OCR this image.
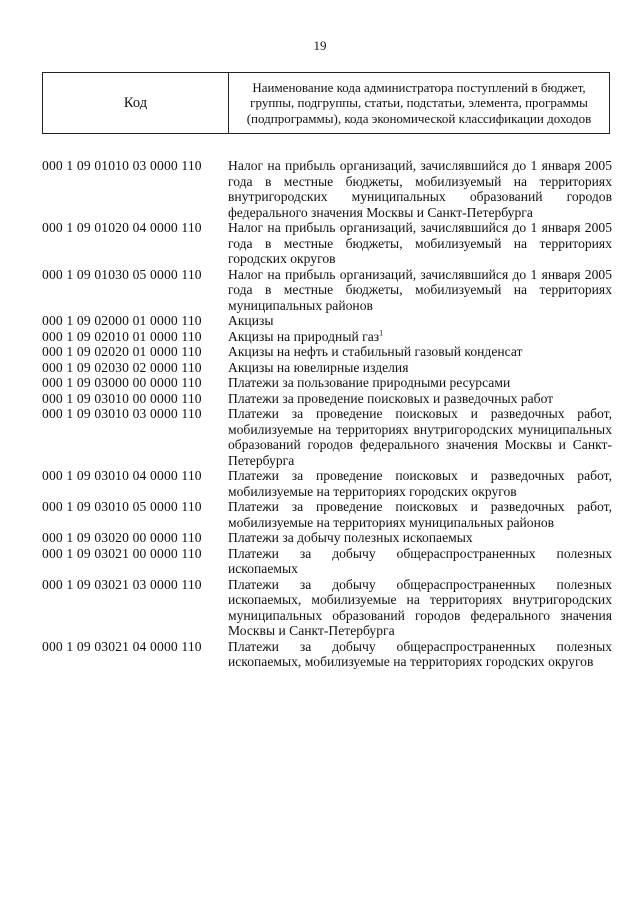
19
Код	Наименование кода администратора поступлений в бюджет, группы, подгруппы, статьи, подстатьи, элемента, программы (подпрограммы), кода экономической классификации доходов
000 1 09 01010 03 0000 110	Налог на прибыль организаций, зачислявшийся до 1 января 2005 года в местные бюджеты, мобилизуемый на территориях внутригородских муниципальных образований городов федерального значения Москвы и Санкт-Петербурга
000 1 09 01020 04 0000 110	Налог на прибыль организаций, зачислявшийся до 1 января 2005 года в местные бюджеты, мобилизуемый на территориях городских округов
000 1 09 01030 05 0000 110	Налог на прибыль организаций, зачислявшийся до 1 января 2005 года в местные бюджеты, мобилизуемый на территориях муниципальных районов
000 1 09 02000 01 0000 110	Акцизы
000 1 09 02010 01 0000 110	Акцизы на природный газ$^1$
000 1 09 02020 01 0000 110	Акцизы на нефть и стабильный газовый конденсат
000 1 09 02030 02 0000 110	Акцизы на ювелирные изделия
000 1 09 03000 00 0000 110	Платежи за пользование природными ресурсами
000 1 09 03010 00 0000 110	Платежи за проведение поисковых и разведочных работ
000 1 09 03010 03 0000 110	Платежи за проведение поисковых и разведочных работ, мобилизуемые на территориях внутригородских муниципальных образований городов федерального значения Москвы и Санкт-Петербурга
000 1 09 03010 04 0000 110	Платежи за проведение поисковых и разведочных работ, мобилизуемые на территориях городских округов
000 1 09 03010 05 0000 110	Платежи за проведение поисковых и разведочных работ, мобилизуемые на территориях муниципальных районов
000 1 09 03020 00 0000 110	Платежи за добычу полезных ископаемых
000 1 09 03021 00 0000 110	Платежи за добычу общераспространенных полезных ископаемых
000 1 09 03021 03 0000 110	Платежи за добычу общераспространенных полезных ископаемых, мобилизуемые на территориях внутригородских муниципальных образований городов федерального значения Москвы и Санкт-Петербурга
000 1 09 03021 04 0000 110	Платежи за добычу общераспространенных полезных ископаемых, мобилизуемые на территориях городских округов
